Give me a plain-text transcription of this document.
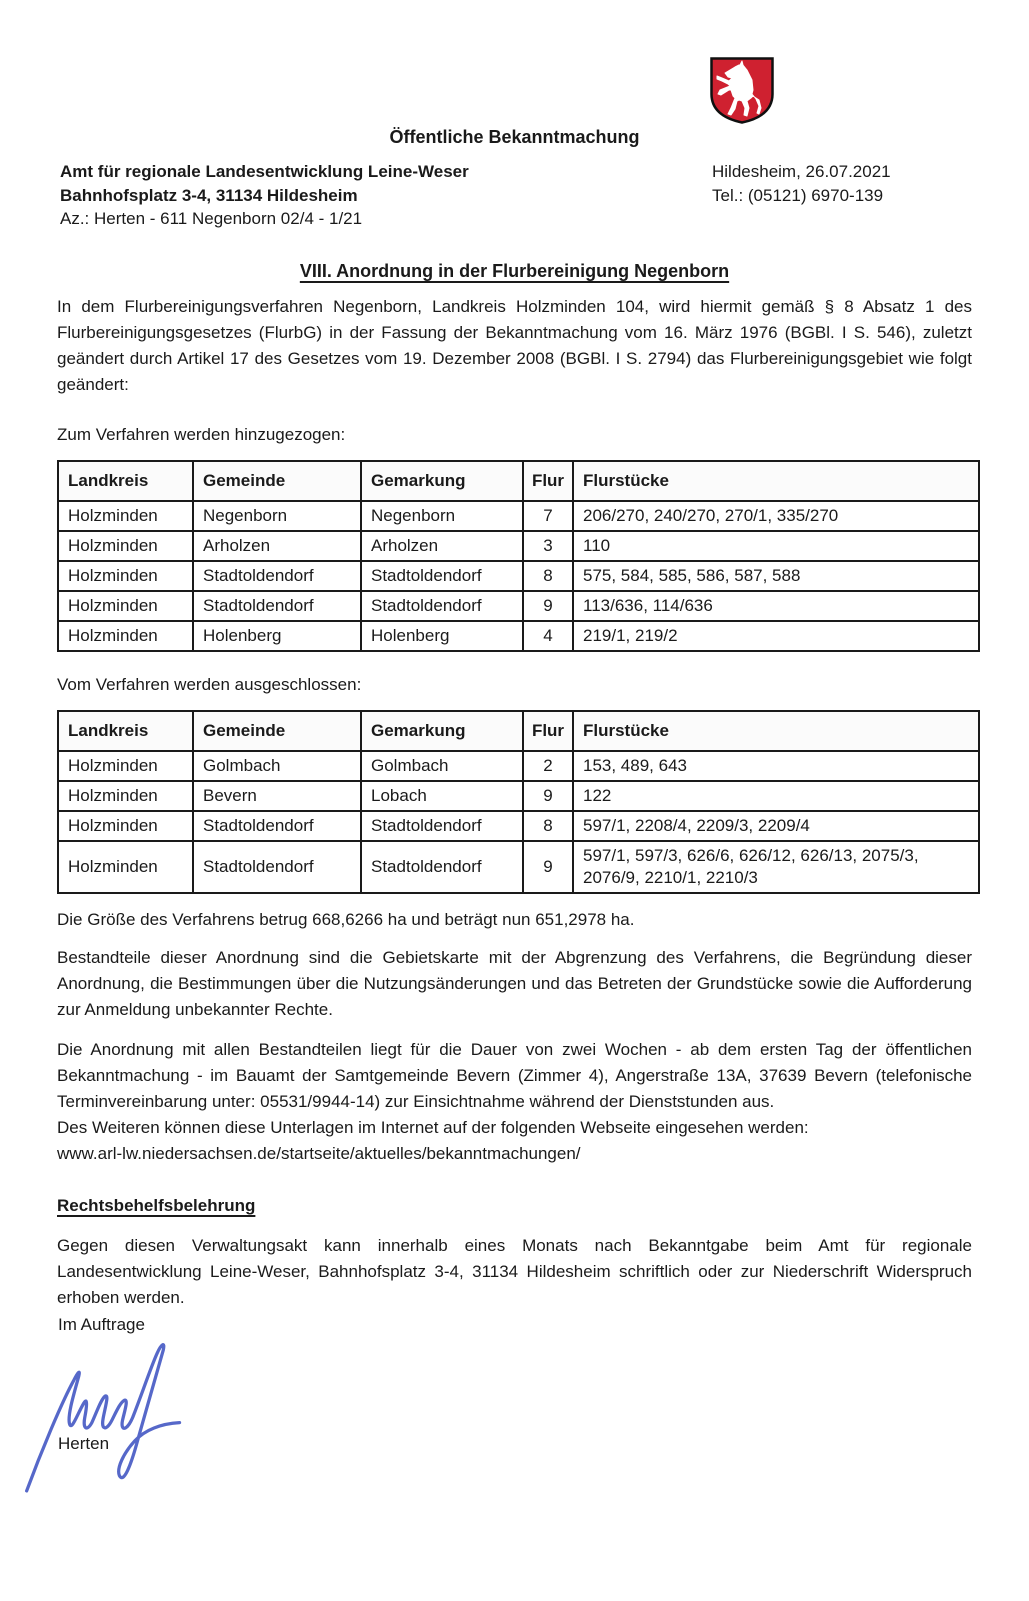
Öffentliche Bekanntmachung
Amt für regionale Landesentwicklung Leine-Weser
Bahnhofsplatz 3-4, 31134 Hildesheim
Az.: Herten - 611 Negenborn 02/4 - 1/21
Hildesheim, 26.07.2021
Tel.: (05121) 6970-139
VIII. Anordnung in der Flurbereinigung Negenborn

In dem Flurbereinigungsverfahren Negenborn, Landkreis Holzminden 104, wird hiermit gemäß § 8 Absatz 1 des Flurbereinigungsgesetzes (FlurbG) in der Fassung der Bekanntmachung vom 16. März 1976 (BGBl. I S. 546), zuletzt geändert durch Artikel 17 des Gesetzes vom 19. Dezember 2008 (BGBl. I S. 2794) das Flurbereinigungsgebiet wie folgt geändert:

Zum Verfahren werden hinzugezogen:

Landkreis	Gemeinde	Gemarkung	Flur	Flurstücke
Holzminden	Negenborn	Negenborn	7	206/270, 240/270, 270/1, 335/270
Holzminden	Arholzen	Arholzen	3	110
Holzminden	Stadtoldendorf	Stadtoldendorf	8	575, 584, 585, 586, 587, 588
Holzminden	Stadtoldendorf	Stadtoldendorf	9	113/636, 114/636
Holzminden	Holenberg	Holenberg	4	219/1, 219/2

Vom Verfahren werden ausgeschlossen:

Landkreis	Gemeinde	Gemarkung	Flur	Flurstücke
Holzminden	Golmbach	Golmbach	2	153, 489, 643
Holzminden	Bevern	Lobach	9	122
Holzminden	Stadtoldendorf	Stadtoldendorf	8	597/1, 2208/4, 2209/3, 2209/4
Holzminden	Stadtoldendorf	Stadtoldendorf	9	597/1, 597/3, 626/6, 626/12, 626/13, 2075/3, 2076/9, 2210/1, 2210/3

Die Größe des Verfahrens betrug 668,6266 ha und beträgt nun 651,2978 ha.

Bestandteile dieser Anordnung sind die Gebietskarte mit der Abgrenzung des Verfahrens, die Begründung dieser Anordnung, die Bestimmungen über die Nutzungsänderungen und das Betreten der Grundstücke sowie die Aufforderung zur Anmeldung unbekannter Rechte.

Die Anordnung mit allen Bestandteilen liegt für die Dauer von zwei Wochen - ab dem ersten Tag der öffentlichen Bekanntmachung - im Bauamt der Samtgemeinde Bevern (Zimmer 4), Angerstraße 13A, 37639 Bevern (telefonische Terminvereinbarung unter: 05531/9944-14) zur Einsichtnahme während der Dienststunden aus.

Des Weiteren können diese Unterlagen im Internet auf der folgenden Webseite eingesehen werden:

www.arl-lw.niedersachsen.de/startseite/aktuelles/bekanntmachungen/

Rechtsbehelfsbelehrung

Gegen diesen Verwaltungsakt kann innerhalb eines Monats nach Bekanntgabe beim Amt für regionale Landesentwicklung Leine-Weser, Bahnhofsplatz 3-4, 31134 Hildesheim schriftlich oder zur Niederschrift Widerspruch erhoben werden.

Im Auftrage
Herten
